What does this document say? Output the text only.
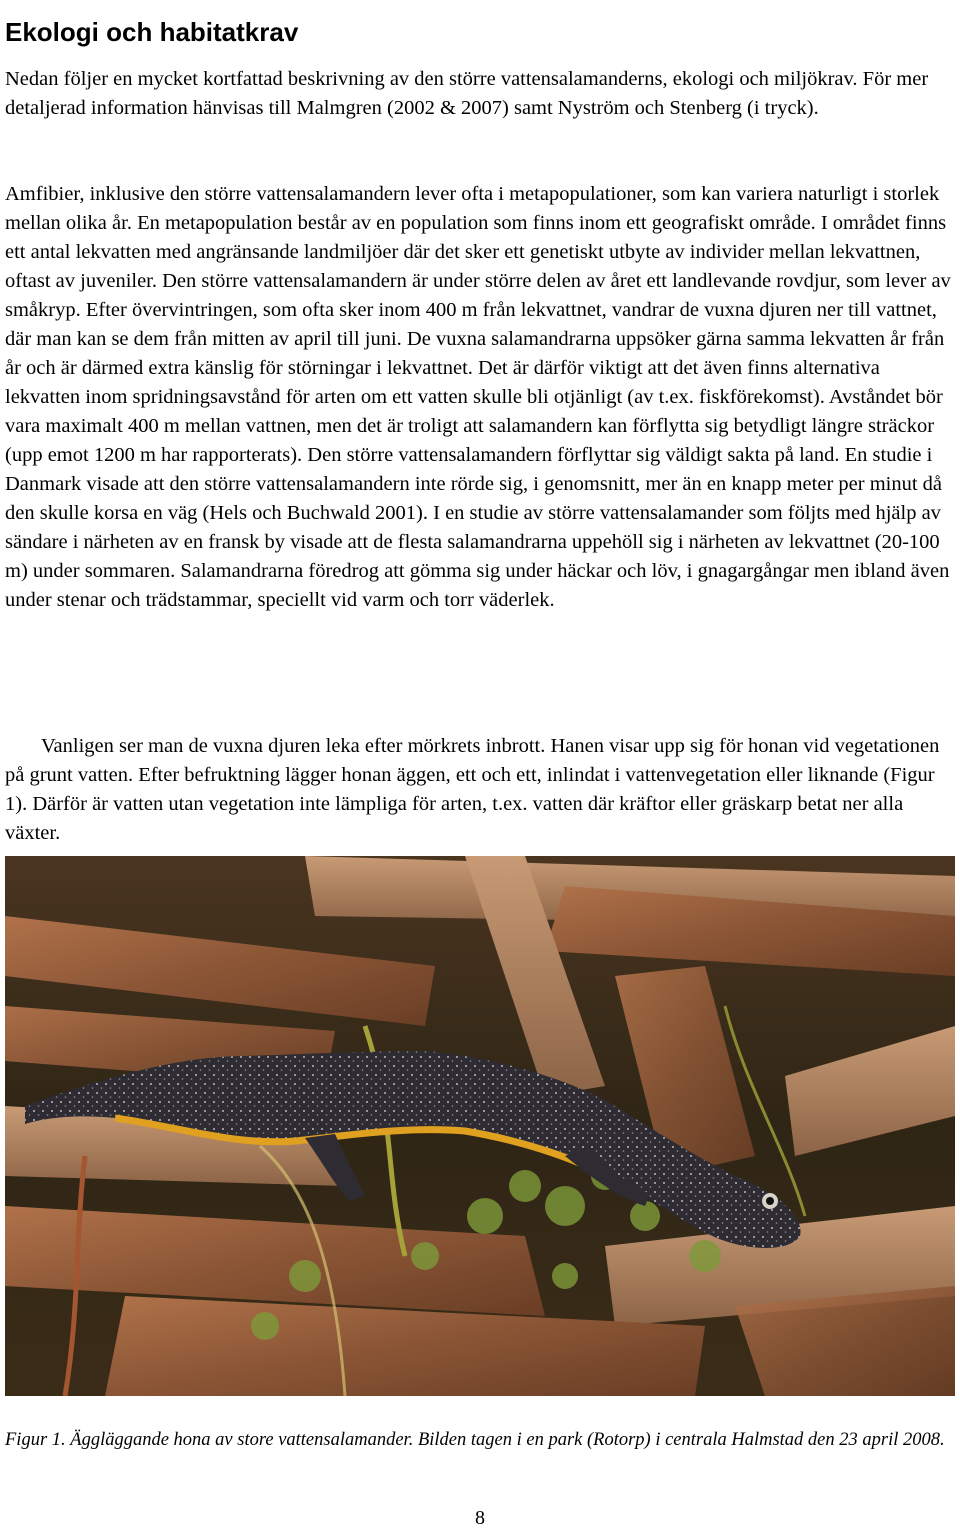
Ekologi och habitatkrav

Nedan följer en mycket kortfattad beskrivning av den större vattensalamanderns, ekologi och miljökrav. För mer detaljerad information hänvisas till Malmgren (2002 & 2007) samt Nyström och Stenberg (i tryck).

Amfibier, inklusive den större vattensalamandern lever ofta i metapopulationer, som kan variera naturligt i storlek mellan olika år. En metapopulation består av en population som finns inom ett geografiskt område. I området finns ett antal lekvatten med angränsande landmiljöer där det sker ett genetiskt utbyte av individer mellan lekvattnen, oftast av juveniler. Den större vattensalamandern är under större delen av året ett landlevande rovdjur, som lever av småkryp. Efter övervintringen, som ofta sker inom 400 m från lekvattnet, vandrar de vuxna djuren ner till vattnet, där man kan se dem från mitten av april till juni. De vuxna salamandrarna uppsöker gärna samma lekvatten år från år och är därmed extra känslig för störningar i lekvattnet. Det är därför viktigt att det även finns alternativa lekvatten inom spridningsavstånd för arten om ett vatten skulle bli otjänligt (av t.ex. fiskförekomst). Avståndet bör vara maximalt 400 m mellan vattnen, men det är troligt att salamandern kan förflytta sig betydligt längre sträckor (upp emot 1200 m har rapporterats). Den större vattensalamandern förflyttar sig väldigt sakta på land. En studie i Danmark visade att den större vattensalamandern inte rörde sig, i genomsnitt, mer än en knapp meter per minut då den skulle korsa en väg (Hels och Buchwald 2001). I en studie av större vattensalamander som följts med hjälp av sändare i närheten av en fransk by visade att de flesta salamandrarna uppehöll sig i närheten av lekvattnet (20-100 m) under sommaren. Salamandrarna föredrog att gömma sig under häckar och löv, i gnagargångar men ibland även under stenar och trädstammar, speciellt vid varm och torr väderlek.

Vanligen ser man de vuxna djuren leka efter mörkrets inbrott. Hanen visar upp sig för honan vid vegetationen på grunt vatten. Efter befruktning lägger honan äggen, ett och ett, inlindat i vattenvegetation eller liknande (Figur 1). Därför är vatten utan vegetation inte lämpliga för arten, t.ex. vatten där kräftor eller gräskarp betat ner alla växter.

Figur 1. Äggläggande hona av store vattensalamander. Bilden tagen i en park (Rotorp) i centrala Halmstad den 23 april 2008.

8
